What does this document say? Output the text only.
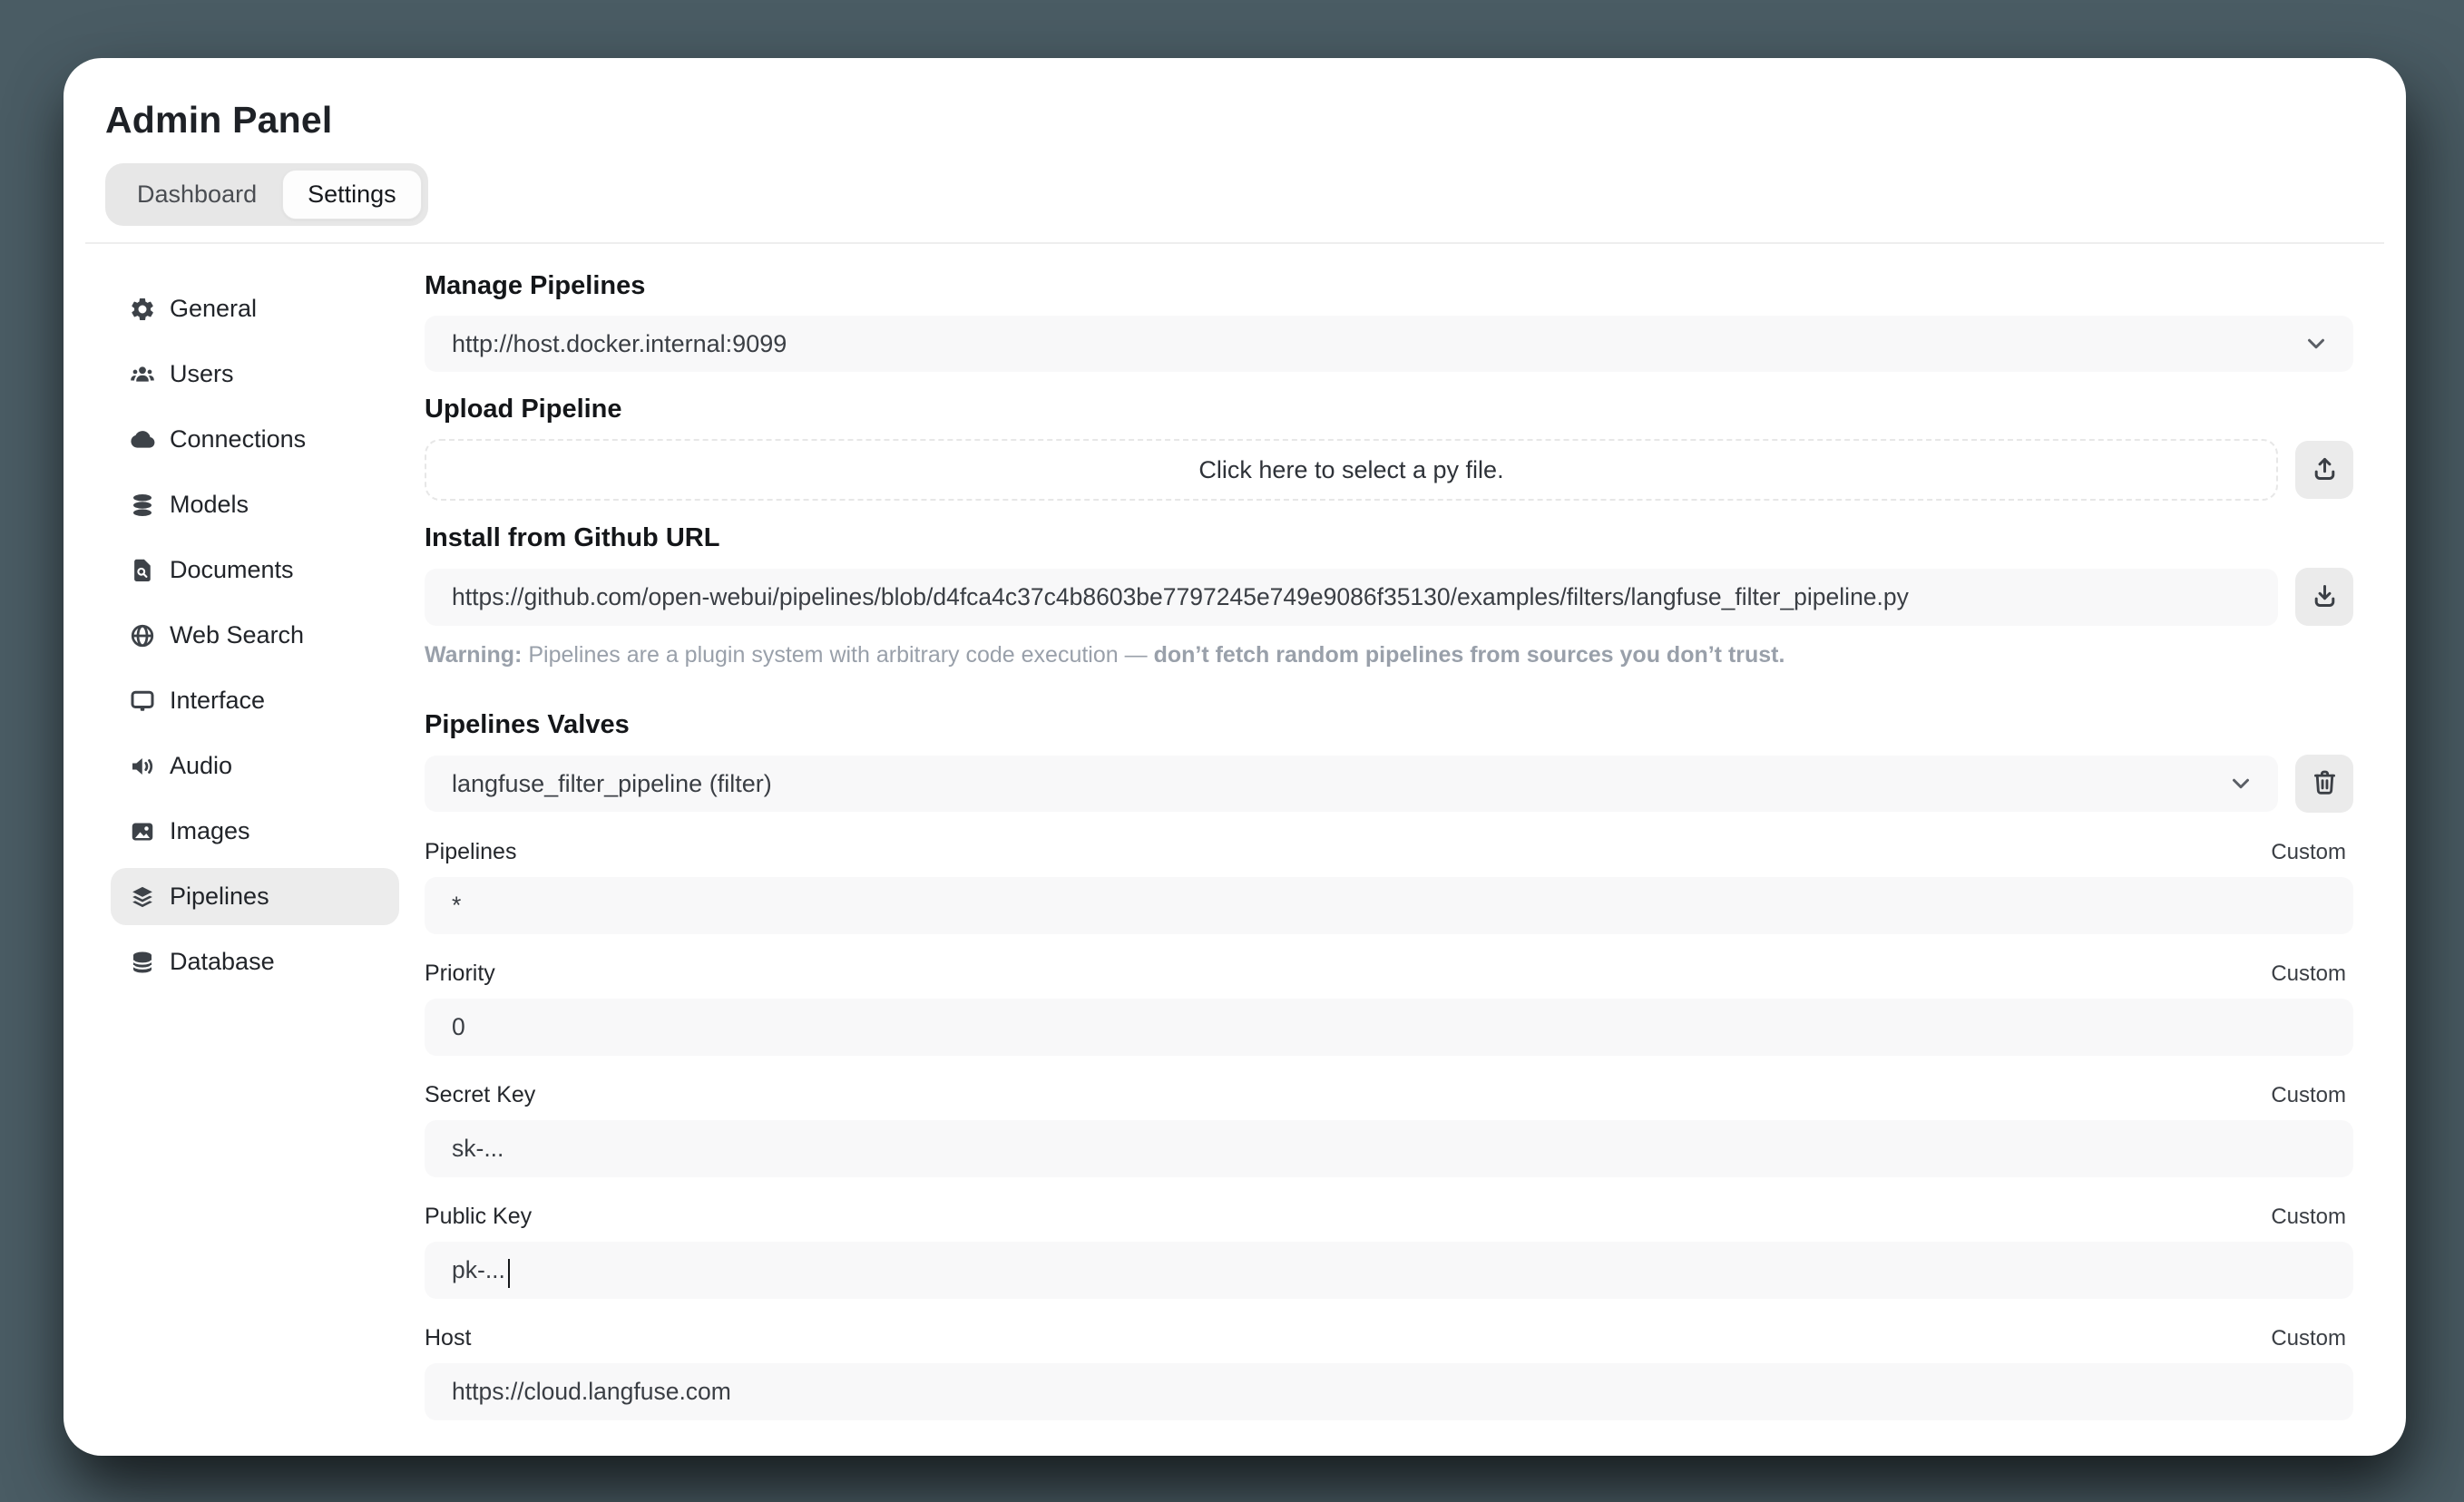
Admin Panel
Dashboard	Settings
General
Users
Connections
Models
Documents
Web Search
Interface
Audio
Images
Pipelines
Database
Manage Pipelines
http://host.docker.internal:9099
Upload Pipeline
Click here to select a py file.
Install from Github URL
https://github.com/open-webui/pipelines/blob/d4fca4c37c4b8603be7797245e749e9086f35130/examples/filters/langfuse_filter_pipeline.py

Warning: Pipelines are a plugin system with arbitrary code execution — don’t fetch random pipelines from sources you don’t trust.

Pipelines Valves
langfuse_filter_pipeline (filter)
Pipelines	Custom
*
Priority	Custom
0
Secret Key	Custom
sk-...
Public Key	Custom
pk-...
Host	Custom
https://cloud.langfuse.com
